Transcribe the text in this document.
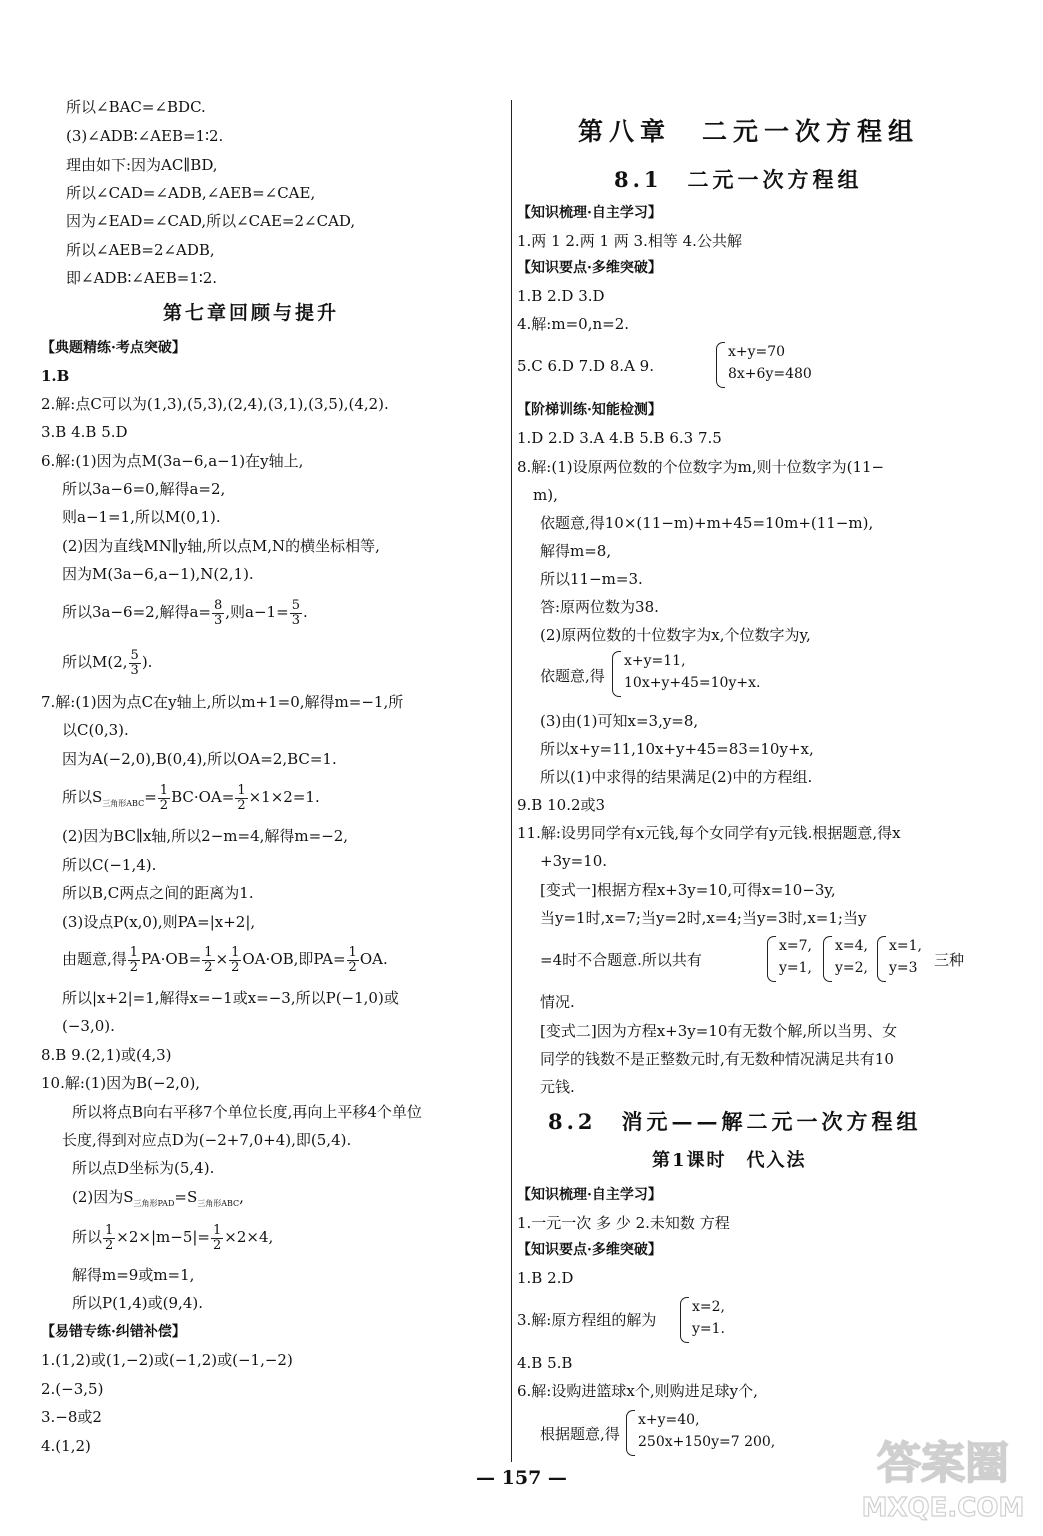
所以∠BAC=∠BDC.
(3)∠ADB∶∠AEB=1∶2.
理由如下:因为AC∥BD,
所以∠CAD=∠ADB,∠AEB=∠CAE,
因为∠EAD=∠CAD,所以∠CAE=2∠CAD,
所以∠AEB=2∠ADB,
即∠ADB∶∠AEB=1∶2.
第七章回顾与提升
【典题精练·考点突破】
1.B
2.解:点C可以为(1,3),(5,3),(2,4),(3,1),(3,5),(4,2).
3.B 4.B 5.D
6.解:(1)因为点M(3a−6,a−1)在y轴上,
所以3a−6=0,解得a=2,
则a−1=1,所以M(0,1).
(2)因为直线MN∥y轴,所以点M,N的横坐标相等,
因为M(3a−6,a−1),N(2,1).
所以3a−6=2,解得$a= \frac{8}{3}$ ,则$a-1= \frac{5}{3}$ .
所以M(2, $\frac{5}{3}$ ).
7.解:(1)因为点C在y轴上,所以m+1=0,解得m=−1,所
以C(0,3).
因为A(−2,0),B(0,4),所以OA=2,BC=1.
所以$S_{三角形ABC}= \frac{1}{2} BC\cdot OA= \frac{1}{2} \times 1\times 2=1$.
(2)因为BC∥x轴,所以2−m=4,解得m=−2,
所以C(−1,4).
所以B,C两点之间的距离为1.
(3)设点P(x,0),则PA=|x+2|,
由题意,得 $\frac{1}{2} PA\cdot OB= \frac{1}{2} \times \frac{1}{2} OA\cdot OB$,即$PA= \frac{1}{2}$ OA.
所以|x+2|=1,解得x=−1或x=−3,所以P(−1,0)或
(−3,0).
8.B 9.(2,1)或(4,3)
10.解:(1)因为B(−2,0),
所以将点B向右平移7个单位长度,再向上平移4个单位
长度,得到对应点D为(−2+7,0+4),即(5,4).
所以点D坐标为(5,4).
(2)因为$S_{三角形PAD}=S_{三角形ABC}$,
所以 $\frac{1}{2} \times 2\times|m-5|= \frac{1}{2} \times 2\times 4$,
解得m=9或m=1,
所以P(1,4)或(9,4).
【易错专练·纠错补偿】
1.(1,2)或(1,−2)或(−1,2)或(−1,−2)
2.(−3,5)
3.−8或2
4.(1,2)
第八章　二元一次方程组
8.1　二元一次方程组
【知识梳理·自主学习】
1.两 1 2.两 1 两 3.相等 4.公共解
【知识要点·多维突破】
1.B 2.D 3.D
4.解:m=0,n=2.
5.C 6.D 7.D 8.A 9.
x+y=70
8x+6y=480
【阶梯训练·知能检测】
1.D 2.D 3.A 4.B 5.B 6.3 7.5
8.解:(1)设原两位数的个位数字为m,则十位数字为(11−
m),
依题意,得10×(11−m)+m+45=10m+(11−m),
解得m=8,
所以11−m=3.
答:原两位数为38.
(2)原两位数的十位数字为x,个位数字为y,
依题意,得
x+y=11,
10x+y+45=10y+x.
(3)由(1)可知x=3,y=8,
所以x+y=11,10x+y+45=83=10y+x,
所以(1)中求得的结果满足(2)中的方程组.
9.B 10.2或3
11.解:设男同学有x元钱,每个女同学有y元钱.根据题意,得x
+3y=10.
[变式一]根据方程x+3y=10,可得x=10−3y,
当y=1时,x=7;当y=2时,x=4;当y=3时,x=1;当y
=4时不合题意.所以共有
x=7,
y=1,
x=4,
y=2,
x=1,
y=3 三种
情况.
[变式二]因为方程x+3y=10有无数个解,所以当男、女
同学的钱数不是正整数元时,有无数种情况满足共有10
元钱.
8.2　消元——解二元一次方程组
第1课时　代入法
【知识梳理·自主学习】
1.一元一次 多 少 2.未知数 方程
【知识要点·多维突破】
1.B 2.D
3.解:原方程组的解为
x=2,
y=1.
4.B 5.B
6.解:设购进篮球x个,则购进足球y个,
根据题意,得
x+y=40,
250x+150y=7 200,
— 157 —	答案圈
MXQE.COM
